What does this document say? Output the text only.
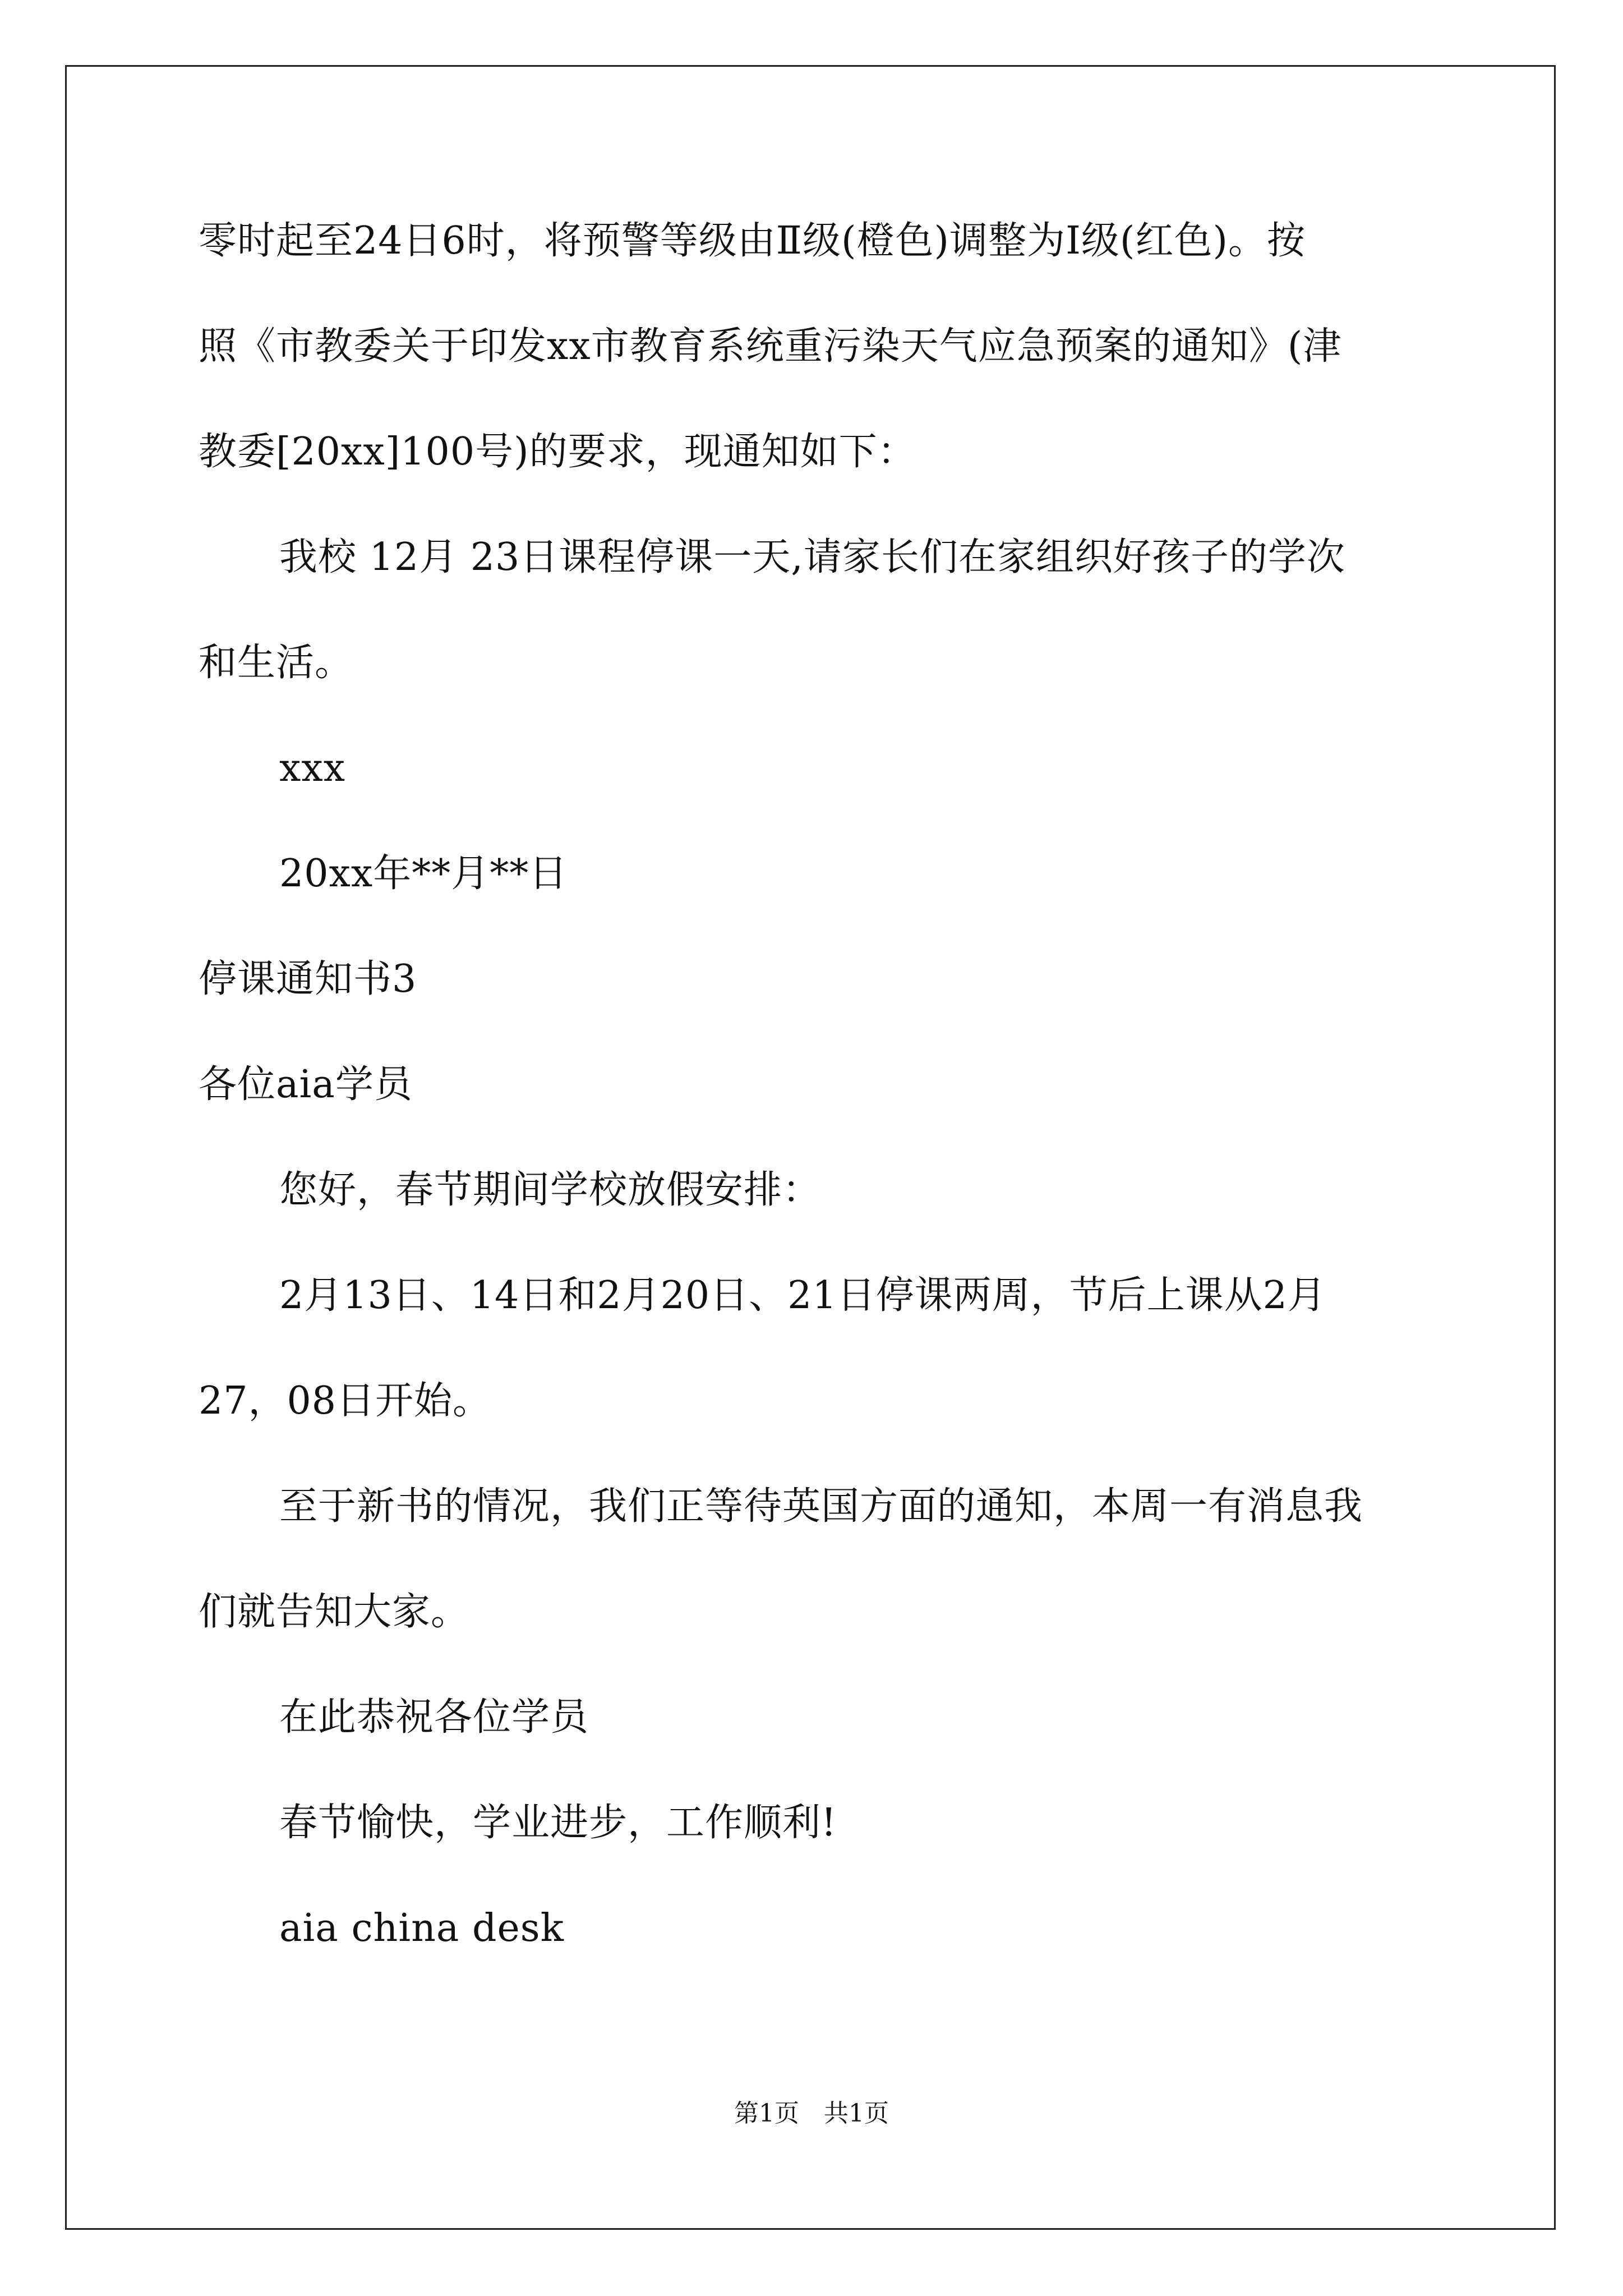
零时起至24日6时，将预警等级由Ⅱ级(橙色)调整为Ⅰ级(红色)。按
照《市教委关于印发xx市教育系统重污染天气应急预案的通知》(津
教委[20xx]100号)的要求，现通知如下：
我校 12月 23日课程停课一天,请家长们在家组织好孩子的学次
和生活。
xxx
20xx年**月**日
停课通知书3
各位aia学员
您好，春节期间学校放假安排：
2月13日、14日和2月20日、21日停课两周，节后上课从2月
27，08日开始。
至于新书的情况，我们正等待英国方面的通知，本周一有消息我
们就告知大家。
在此恭祝各位学员
春节愉快，学业进步，工作顺利!
aia china desk
第1页　共1页
